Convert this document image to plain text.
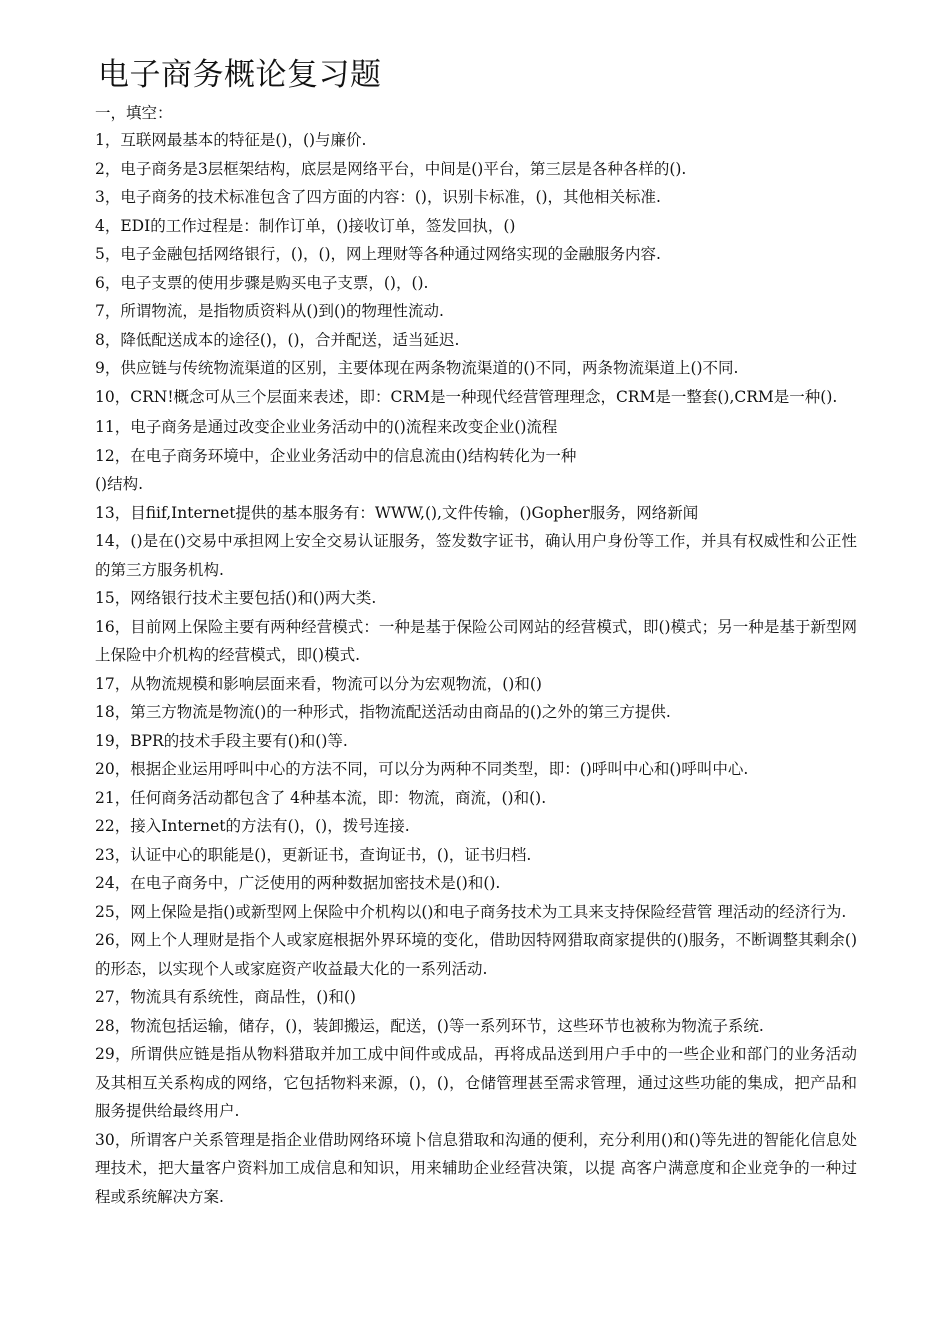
电子商务概论复习题

一，填空：

1，互联网最基本的特征是()，()与廉价.

2，电子商务是3层框架结构，底层是网络平台，中间是()平台，第三层是各种各样的().

3，电子商务的技术标准包含了四方面的内容：()，识别卡标准，()，其他相关标准.

4，EDI的工作过程是：制作订单，()接收订单，签发回执，()

5，电子金融包括网络银行，()，()，网上理财等各种通过网络实现的金融服务内容.

6，电子支票的使用步骤是购买电子支票，()，().

7，所谓物流，是指物质资料从()到()的物理性流动.

8，降低配送成本的途径()，()，合并配送，适当延迟.

9，供应链与传统物流渠道的区别，主要体现在两条物流渠道的()不同，两条物流渠道上()不同.

10，CRN!概念可从三个层面来表述，即：CRM是一种现代经营管理理念，CRM是一整套(),CRM是一种().

11，电子商务是通过改变企业业务活动中的()流程来改变企业()流程

12，在电子商务环境中，企业业务活动中的信息流由()结构转化为一种

()结构.

13，目fiif,Internet提供的基本服务有：WWW,(),文件传输，()Gopher服务，网络新闻

14，()是在()交易中承担网上安全交易认证服务，签发数字证书，确认用户身份等工作，并具有权威性和公正性的第三方服务机构.

15，网络银行技术主要包括()和()两大类.

16，目前网上保险主要有两种经营模式：一种是基于保险公司网站的经营模式，即()模式；另一种是基于新型网上保险中介机构的经营模式，即()模式.

17，从物流规模和影响层面来看，物流可以分为宏观物流，()和()

18，第三方物流是物流()的一种形式，指物流配送活动由商品的()之外的第三方提供.

19，BPR的技术手段主要有()和()等.

20，根据企业运用呼叫中心的方法不同，可以分为两种不同类型，即：()呼叫中心和()呼叫中心.

21，任何商务活动都包含了 4种基本流，即：物流，商流，()和().

22，接入Internet的方法有()，()，拨号连接.

23，认证中心的职能是()，更新证书，查询证书，()，证书归档.

24，在电子商务中，广泛使用的两种数据加密技术是()和().

25，网上保险是指()或新型网上保险中介机构以()和电子商务技术为工具来支持保险经营管 理活动的经济行为.

26，网上个人理财是指个人或家庭根据外界环境的变化，借助因特网猎取商家提供的()服务，不断调整其剩余()的形态，以实现个人或家庭资产收益最大化的一系列活动.

27，物流具有系统性，商品性，()和()

28，物流包括运输，储存，()，装卸搬运，配送，()等一系列环节，这些环节也被称为物流子系统.

29，所谓供应链是指从物料猎取并加工成中间件或成品，再将成品送到用户手中的一些企业和部门的业务活动及其相互关系构成的网络，它包括物料来源，()，()，仓储管理甚至需求管理，通过这些功能的集成，把产品和服务提供给最终用户.

30，所谓客户关系管理是指企业借助网络环境卜信息猎取和沟通的便利，充分利用()和()等先进的智能化信息处理技术，把大量客户资料加工成信息和知识，用来辅助企业经营决策，以提 高客户满意度和企业竞争的一种过程或系统解决方案.
